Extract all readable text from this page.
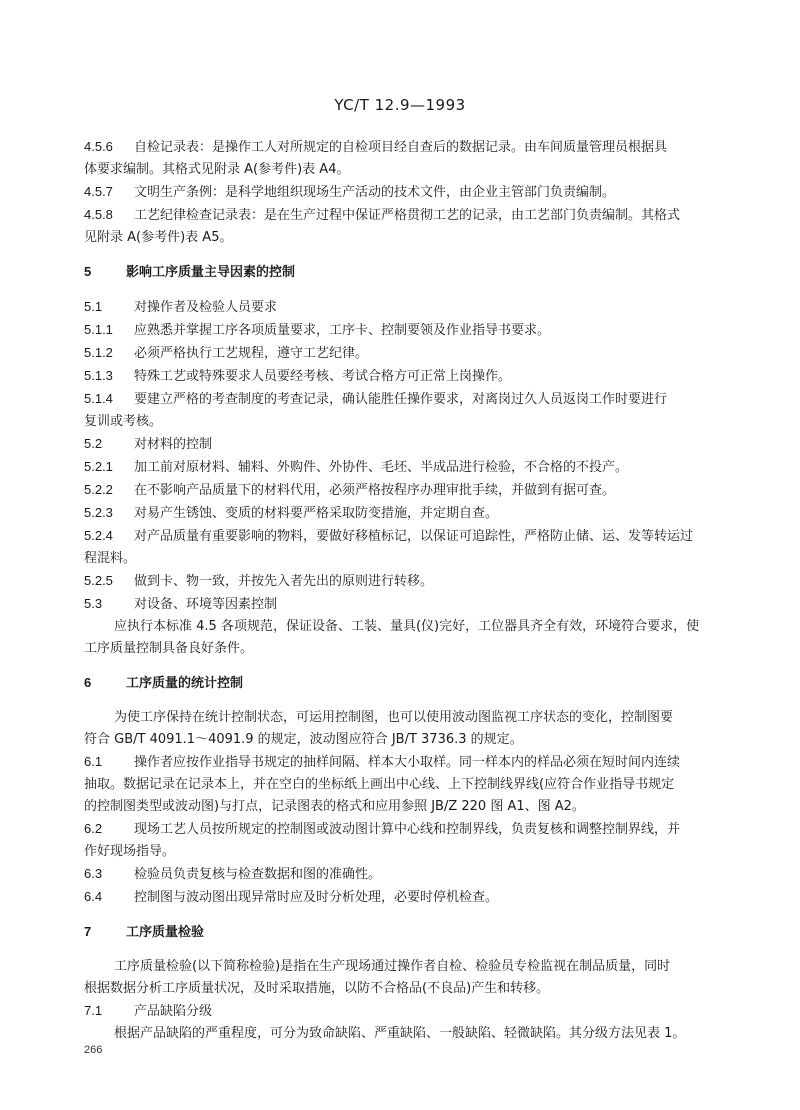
YC/T 12.9—1993
4.5.6 自检记录表：是操作工人对所规定的自检项目经自查后的数据记录。由车间质量管理员根据具
体要求编制。其格式见附录 A(参考件)表 A4。
4.5.7 文明生产条例：是科学地组织现场生产活动的技术文件，由企业主管部门负责编制。
4.5.8 工艺纪律检查记录表：是在生产过程中保证严格贯彻工艺的记录，由工艺部门负责编制。其格式
见附录 A(参考件)表 A5。
5	影响工序质量主导因素的控制
5.1 对操作者及检验人员要求
5.1.1 应熟悉并掌握工序各项质量要求，工序卡、控制要领及作业指导书要求。
5.1.2 必须严格执行工艺规程，遵守工艺纪律。
5.1.3 特殊工艺或特殊要求人员要经考核、考试合格方可正常上岗操作。
5.1.4 要建立严格的考查制度的考查记录，确认能胜任操作要求，对离岗过久人员返岗工作时要进行
复训或考核。
5.2 对材料的控制
5.2.1 加工前对原材料、辅料、外购件、外协件、毛坯、半成品进行检验，不合格的不投产。
5.2.2 在不影响产品质量下的材料代用，必须严格按程序办理审批手续，并做到有据可查。
5.2.3 对易产生锈蚀、变质的材料要严格采取防变措施，并定期自查。
5.2.4 对产品质量有重要影响的物料，要做好移植标记，以保证可追踪性，严格防止储、运、发等转运过
程混料。
5.2.5 做到卡、物一致，并按先入者先出的原则进行转移。
5.3 对设备、环境等因素控制
应执行本标准 4.5 各项规范，保证设备、工装、量具(仪)完好，工位器具齐全有效，环境符合要求，使
工序质量控制具备良好条件。
6	工序质量的统计控制
为使工序保持在统计控制状态，可运用控制图，也可以使用波动图监视工序状态的变化，控制图要
符合 GB/T 4091.1～4091.9 的规定，波动图应符合 JB/T 3736.3 的规定。
6.1 操作者应按作业指导书规定的抽样间隔、样本大小取样。同一样本内的样品必须在短时间内连续
抽取。数据记录在记录本上，并在空白的坐标纸上画出中心线、上下控制线界线(应符合作业指导书规定
的控制图类型或波动图)与打点，记录图表的格式和应用参照 JB/Z 220 图 A1、图 A2。
6.2 现场工艺人员按所规定的控制图或波动图计算中心线和控制界线，负责复核和调整控制界线，并
作好现场指导。
6.3 检验员负责复核与检查数据和图的准确性。
6.4 控制图与波动图出现异常时应及时分析处理，必要时停机检查。
7	工序质量检验
工序质量检验(以下简称检验)是指在生产现场通过操作者自检、检验员专检监视在制品质量，同时
根据数据分析工序质量状况，及时采取措施，以防不合格品(不良品)产生和转移。
7.1 产品缺陷分级
根据产品缺陷的严重程度，可分为致命缺陷、严重缺陷、一般缺陷、轻微缺陷。其分级方法见表 1。
266
